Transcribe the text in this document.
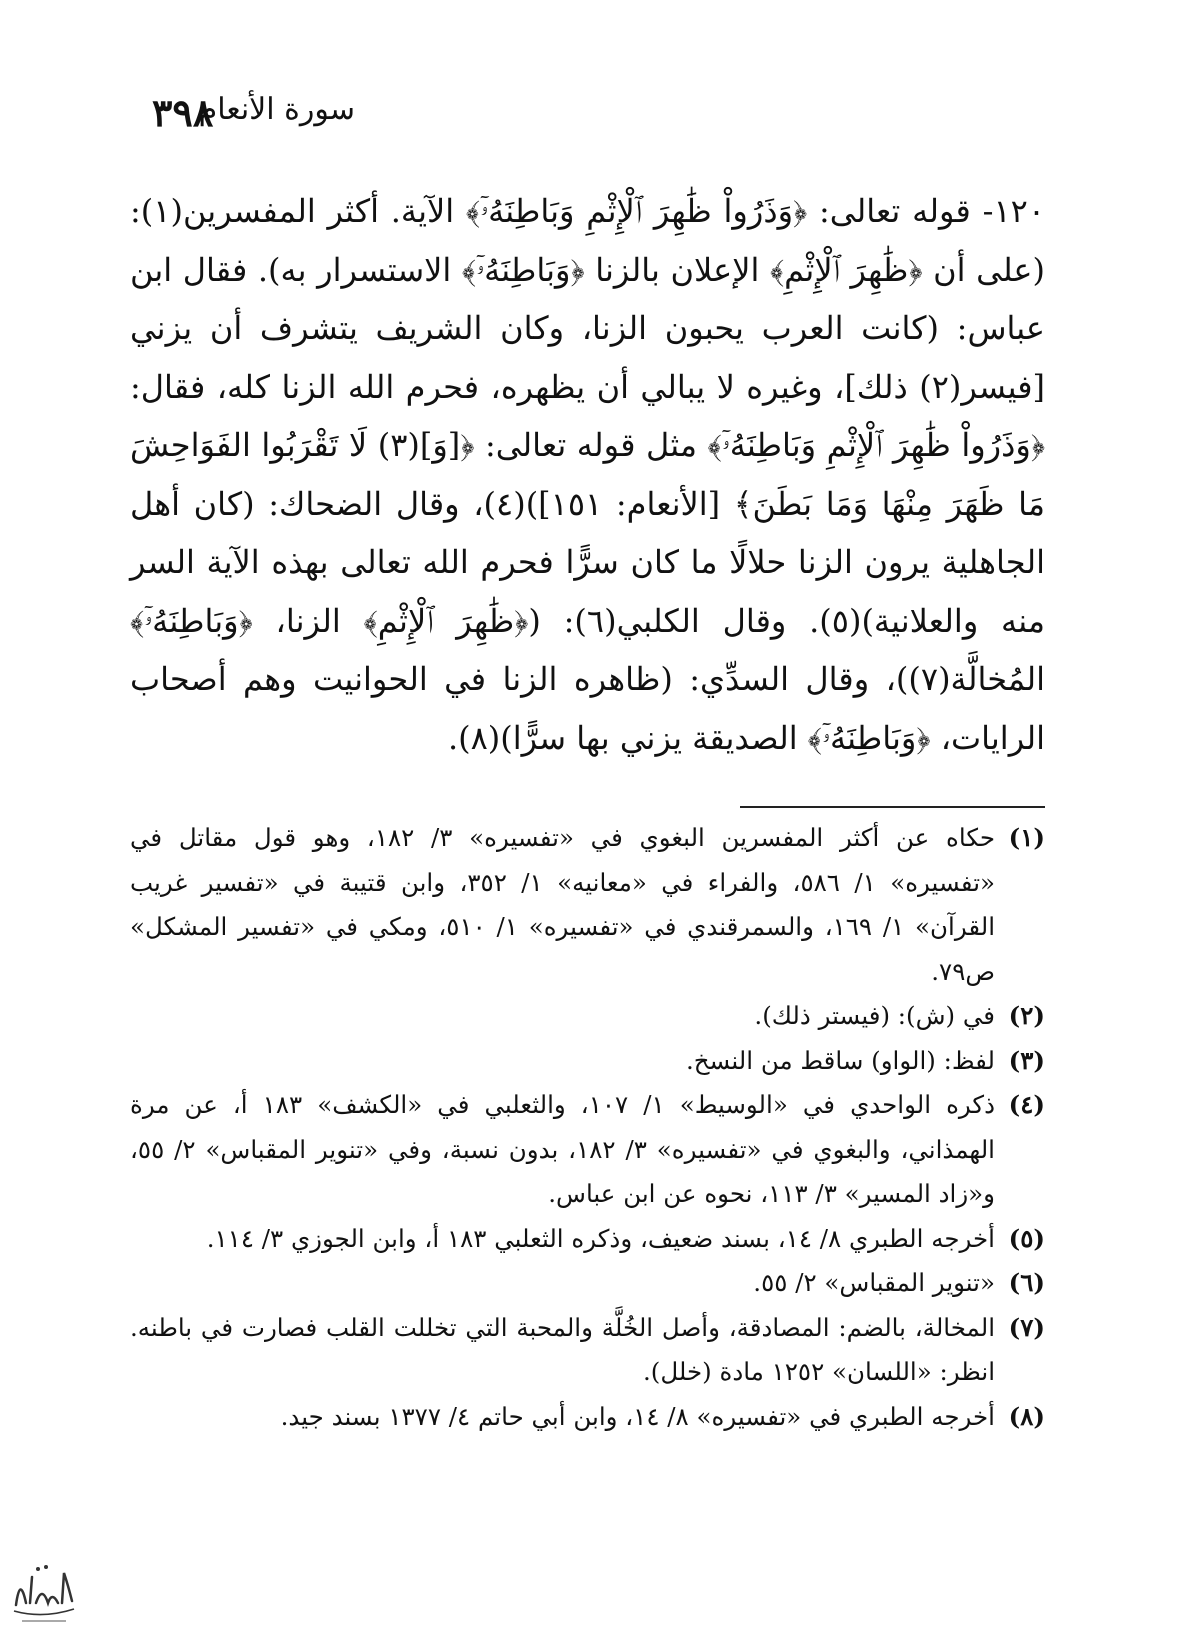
٣٩٨
سورة الأنعام

١٢٠- قوله تعالى: ﴿وَذَرُواْ ظَٰهِرَ ٱلْإِثْمِ وَبَاطِنَهُۥٓ﴾ الآية. أكثر المفسرين(١): (على أن ﴿ظَٰهِرَ ٱلْإِثْمِ﴾ الإعلان بالزنا ﴿وَبَاطِنَهُۥٓ﴾ الاستسرار به). فقال ابن عباس: (كانت العرب يحبون الزنا، وكان الشريف يتشرف أن يزني [فيسر(٢) ذلك]، وغيره لا يبالي أن يظهره، فحرم الله الزنا كله، فقال: ﴿وَذَرُواْ ظَٰهِرَ ٱلْإِثْمِ وَبَاطِنَهُۥٓ﴾ مثل قوله تعالى: ﴿[وَ](٣) لَا تَقْرَبُوا الفَوَاحِشَ مَا ظَهَرَ مِنْهَا وَمَا بَطَنَ﴾ [الأنعام: ١٥١])(٤)، وقال الضحاك: (كان أهل الجاهلية يرون الزنا حلالًا ما كان سرًّا فحرم الله تعالى بهذه الآية السر منه والعلانية)(٥). وقال الكلبي(٦): (﴿ظَٰهِرَ ٱلْإِثْمِ﴾ الزنا، ﴿وَبَاطِنَهُۥٓ﴾ المُخالَّة(٧))، وقال السدِّي: (ظاهره الزنا في الحوانيت وهم أصحاب الرايات، ﴿وَبَاطِنَهُۥٓ﴾ الصديقة يزني بها سرًّا)(٨).

(١)
حكاه عن أكثر المفسرين البغوي في «تفسيره» ٣/ ١٨٢، وهو قول مقاتل في «تفسيره» ١/ ٥٨٦، والفراء في «معانيه» ١/ ٣٥٢، وابن قتيبة في «تفسير غريب القرآن» ١/ ١٦٩، والسمرقندي في «تفسيره» ١/ ٥١٠، ومكي في «تفسير المشكل» ص٧٩.
(٢)
في (ش): (فيستر ذلك).
(٣)
لفظ: (الواو) ساقط من النسخ.
(٤)
ذكره الواحدي في «الوسيط» ١/ ١٠٧، والثعلبي في «الكشف» ١٨٣ أ، عن مرة الهمذاني، والبغوي في «تفسيره» ٣/ ١٨٢، بدون نسبة، وفي «تنوير المقباس» ٢/ ٥٥، و«زاد المسير» ٣/ ١١٣، نحوه عن ابن عباس.
(٥)
أخرجه الطبري ٨/ ١٤، بسند ضعيف، وذكره الثعلبي ١٨٣ أ، وابن الجوزي ٣/ ١١٤.
(٦)
«تنوير المقباس» ٢/ ٥٥.
(٧)
المخالة، بالضم: المصادقة، وأصل الخُلَّة والمحبة التي تخللت القلب فصارت في باطنه. انظر: «اللسان» ١٢٥٢ مادة (خلل).
(٨)
أخرجه الطبري في «تفسيره» ٨/ ١٤، وابن أبي حاتم ٤/ ١٣٧٧ بسند جيد.
